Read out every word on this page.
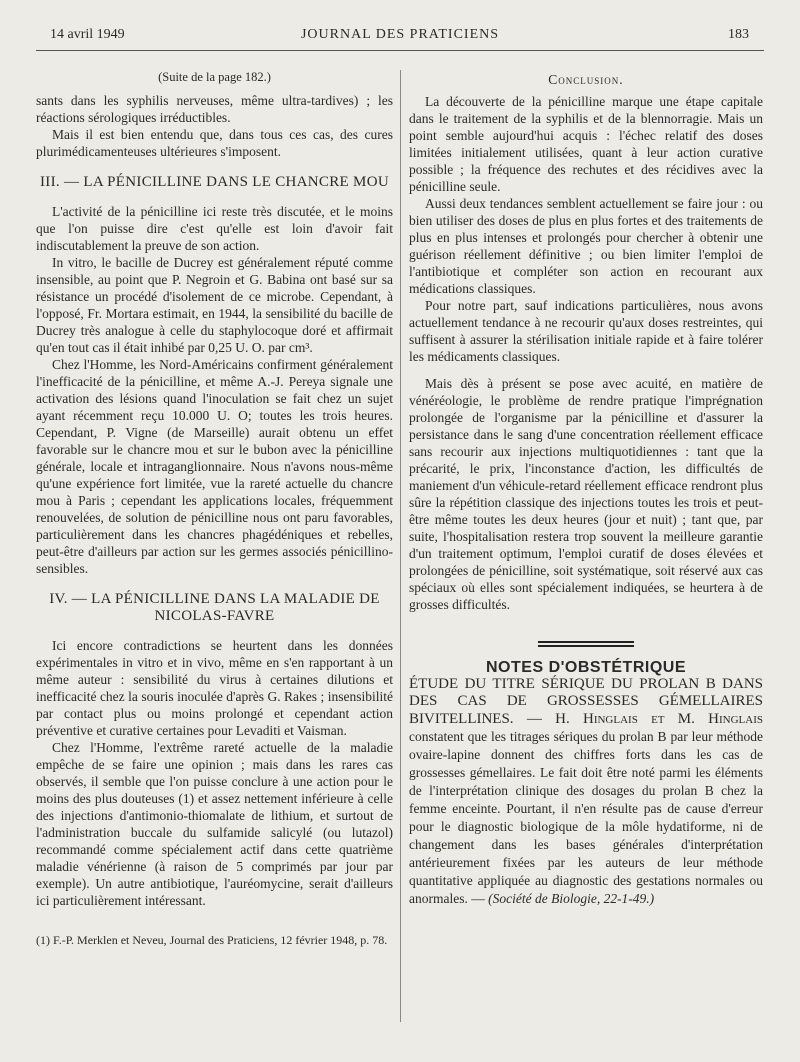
14 avril 1949	JOURNAL DES PRATICIENS	183
(Suite de la page 182.)

sants dans les syphilis nerveuses, même ultra-tardives) ; les réactions sérologiques irréductibles.

Mais il est bien entendu que, dans tous ces cas, des cures plurimédicamenteuses ultérieures s'imposent.

III. — LA PÉNICILLINE DANS LE CHANCRE MOU

L'activité de la pénicilline ici reste très discutée, et le moins que l'on puisse dire c'est qu'elle est loin d'avoir fait indiscutablement la preuve de son action.

In vitro, le bacille de Ducrey est généralement réputé comme insensible, au point que P. Negroin et G. Babina ont basé sur sa résistance un procédé d'isolement de ce microbe. Cependant, à l'opposé, Fr. Mortara estimait, en 1944, la sensibilité du bacille de Ducrey très analogue à celle du staphylocoque doré et affirmait qu'en tout cas il était inhibé par 0,25 U. O. par cm³.

Chez l'Homme, les Nord-Américains confirment généralement l'inefficacité de la pénicilline, et même A.-J. Pereya signale une activation des lésions quand l'inoculation se fait chez un sujet ayant récemment reçu 10.000 U. O; toutes les trois heures. Cependant, P. Vigne (de Marseille) aurait obtenu un effet favorable sur le chancre mou et sur le bubon avec la pénicilline générale, locale et intraganglionnaire. Nous n'avons nous-même qu'une expérience fort limitée, vue la rareté actuelle du chancre mou à Paris ; cependant les applications locales, fréquemment renouvelées, de solution de pénicilline nous ont paru favorables, particulièrement dans les chancres phagédéniques et rebelles, peut-être d'ailleurs par action sur les germes associés pénicillino-sensibles.

IV. — LA PÉNICILLINE DANS LA MALADIE DE NICOLAS-FAVRE

Ici encore contradictions se heurtent dans les données expérimentales in vitro et in vivo, même en s'en rapportant à un même auteur : sensibilité du virus à certaines dilutions et inefficacité chez la souris inoculée d'après G. Rakes ; insensibilité par contact plus ou moins prolongé et cependant action préventive et curative certaines pour Levaditi et Vaisman.

Chez l'Homme, l'extrême rareté actuelle de la maladie empêche de se faire une opinion ; mais dans les rares cas observés, il semble que l'on puisse conclure à une action pour le moins des plus douteuses (1) et assez nettement inférieure à celle des injections d'antimonio-thiomalate de lithium, et surtout de l'administration buccale du sulfamide salicylé (ou lutazol) recommandé comme spécialement actif dans cette quatrième maladie vénérienne (à raison de 5 comprimés par jour par exemple). Un autre antibiotique, l'auréomycine, serait d'ailleurs ici particulièrement intéressant.

(1) F.-P. Merklen et Neveu, Journal des Praticiens, 12 février 1948, p. 78.
Conclusion.

La découverte de la pénicilline marque une étape capitale dans le traitement de la syphilis et de la blennorragie. Mais un point semble aujourd'hui acquis : l'échec relatif des doses limitées initialement utilisées, quant à leur action curative possible ; la fréquence des rechutes et des récidives avec la pénicilline seule.

Aussi deux tendances semblent actuellement se faire jour : ou bien utiliser des doses de plus en plus fortes et des traitements de plus en plus intenses et prolongés pour chercher à obtenir une guérison réellement définitive ; ou bien limiter l'emploi de l'antibiotique et compléter son action en recourant aux médications classiques.

Pour notre part, sauf indications particulières, nous avons actuellement tendance à ne recourir qu'aux doses restreintes, qui suffisent à assurer la stérilisation initiale rapide et à faire tolérer les médicaments classiques.

Mais dès à présent se pose avec acuité, en matière de vénéréologie, le problème de rendre pratique l'imprégnation prolongée de l'organisme par la pénicilline et d'assurer la persistance dans le sang d'une concentration réellement efficace sans recourir aux injections multiquotidiennes : tant que la précarité, le prix, l'inconstance d'action, les difficultés de maniement d'un véhicule-retard réellement efficace rendront plus sûre la répétition classique des injections toutes les trois et peut-être même toutes les deux heures (jour et nuit) ; tant que, par suite, l'hospitalisation restera trop souvent la meilleure garantie d'un traitement optimum, l'emploi curatif de doses élevées et prolongées de pénicilline, soit systématique, soit réservé aux cas spéciaux où elles sont spécialement indiquées, se heurtera à de grosses difficultés.

NOTES D'OBSTÉTRIQUE

ÉTUDE DU TITRE SÉRIQUE DU PROLAN B DANS DES CAS DE GROSSESSES GÉMELLAIRES BIVITELLINES. — H. Hinglais et M. Hinglais constatent que les titrages sériques du prolan B par leur méthode ovaire-lapine donnent des chiffres forts dans les cas de grossesses gémellaires. Le fait doit être noté parmi les éléments de l'interprétation clinique des dosages du prolan B chez la femme enceinte. Pourtant, il n'en résulte pas de cause d'erreur pour le diagnostic biologique de la môle hydatiforme, ni de changement dans les bases générales d'interprétation antérieurement fixées par les auteurs de leur méthode quantitative appliquée au diagnostic des gestations normales ou anormales. — (Société de Biologie, 22-1-49.)
